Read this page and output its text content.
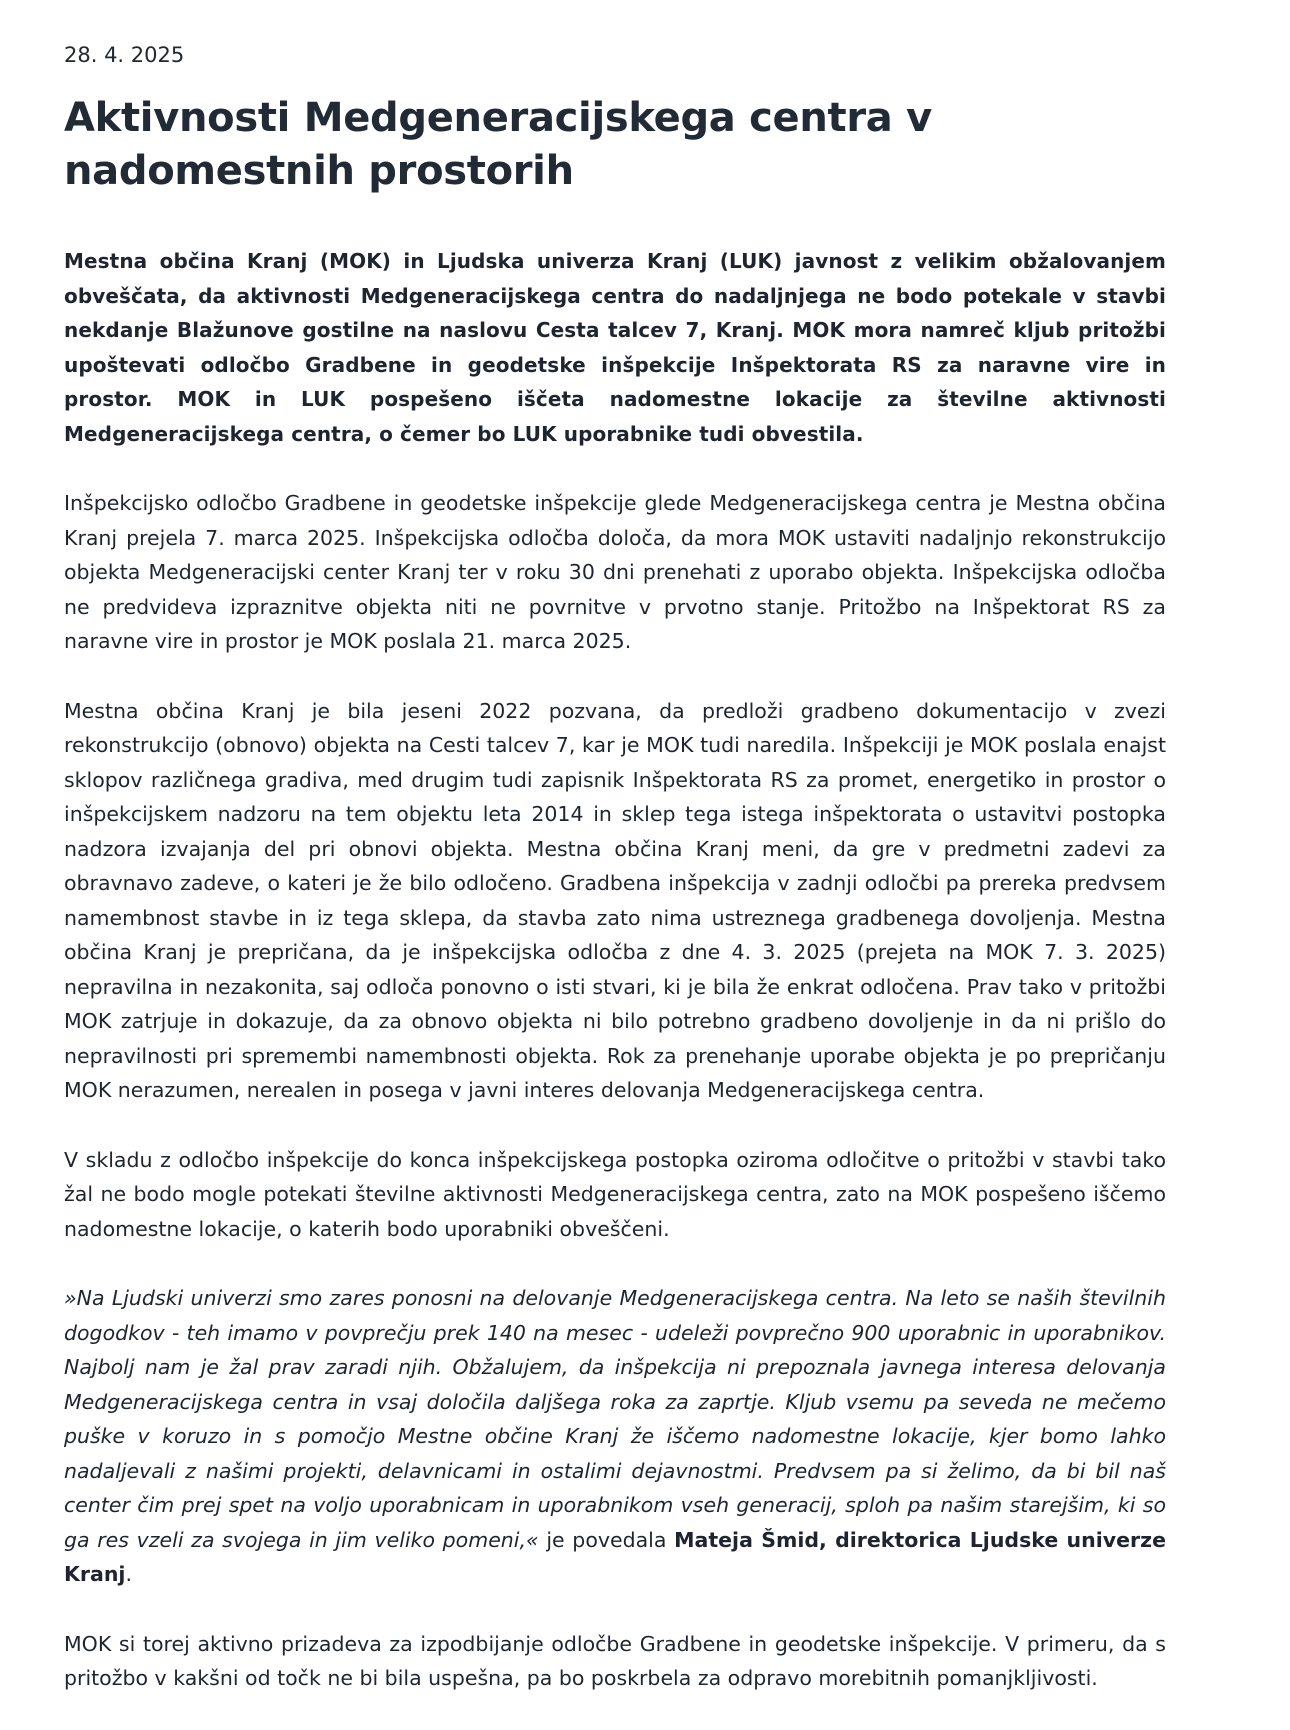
28. 4. 2025
Aktivnosti Medgeneracijskega centra v nadomestnih prostorih

Mestna občina Kranj (MOK) in Ljudska univerza Kranj (LUK) javnost z velikim obžalovanjem obveščata, da aktivnosti Medgeneracijskega centra do nadaljnjega ne bodo potekale v stavbi nekdanje Blažunove gostilne na naslovu Cesta talcev 7, Kranj. MOK mora namreč kljub pritožbi upoštevati odločbo Gradbene in geodetske inšpekcije Inšpektorata RS za naravne vire in prostor. MOK in LUK pospešeno iščeta nadomestne lokacije za številne aktivnosti Medgeneracijskega centra, o čemer bo LUK uporabnike tudi obvestila.

Inšpekcijsko odločbo Gradbene in geodetske inšpekcije glede Medgeneracijskega centra je Mestna občina Kranj prejela 7. marca 2025. Inšpekcijska odločba določa, da mora MOK ustaviti nadaljnjo rekonstrukcijo objekta Medgeneracijski center Kranj ter v roku 30 dni prenehati z uporabo objekta. Inšpekcijska odločba ne predvideva izpraznitve objekta niti ne povrnitve v prvotno stanje. Pritožbo na Inšpektorat RS za naravne vire in prostor je MOK poslala 21. marca 2025.

Mestna občina Kranj je bila jeseni 2022 pozvana, da predloži gradbeno dokumentacijo v zvezi rekonstrukcijo (obnovo) objekta na Cesti talcev 7, kar je MOK tudi naredila. Inšpekciji je MOK poslala enajst sklopov različnega gradiva, med drugim tudi zapisnik Inšpektorata RS za promet, energetiko in prostor o inšpekcijskem nadzoru na tem objektu leta 2014 in sklep tega istega inšpektorata o ustavitvi postopka nadzora izvajanja del pri obnovi objekta. Mestna občina Kranj meni, da gre v predmetni zadevi za obravnavo zadeve, o kateri je že bilo odločeno. Gradbena inšpekcija v zadnji odločbi pa prereka predvsem namembnost stavbe in iz tega sklepa, da stavba zato nima ustreznega gradbenega dovoljenja. Mestna občina Kranj je prepričana, da je inšpekcijska odločba z dne 4. 3. 2025 (prejeta na MOK 7. 3. 2025) nepravilna in nezakonita, saj odloča ponovno o isti stvari, ki je bila že enkrat odločena. Prav tako v pritožbi MOK zatrjuje in dokazuje, da za obnovo objekta ni bilo potrebno gradbeno dovoljenje in da ni prišlo do nepravilnosti pri spremembi namembnosti objekta. Rok za prenehanje uporabe objekta je po prepričanju MOK nerazumen, nerealen in posega v javni interes delovanja Medgeneracijskega centra.

V skladu z odločbo inšpekcije do konca inšpekcijskega postopka oziroma odločitve o pritožbi v stavbi tako žal ne bodo mogle potekati številne aktivnosti Medgeneracijskega centra, zato na MOK pospešeno iščemo nadomestne lokacije, o katerih bodo uporabniki obveščeni.

»Na Ljudski univerzi smo zares ponosni na delovanje Medgeneracijskega centra. Na leto se naših številnih dogodkov - teh imamo v povprečju prek 140 na mesec - udeleži povprečno 900 uporabnic in uporabnikov. Najbolj nam je žal prav zaradi njih. Obžalujem, da inšpekcija ni prepoznala javnega interesa delovanja Medgeneracijskega centra in vsaj določila daljšega roka za zaprtje. Kljub vsemu pa seveda ne mečemo puške v koruzo in s pomočjo Mestne občine Kranj že iščemo nadomestne lokacije, kjer bomo lahko nadaljevali z našimi projekti, delavnicami in ostalimi dejavnostmi. Predvsem pa si želimo, da bi bil naš center čim prej spet na voljo uporabnicam in uporabnikom vseh generacij, sploh pa našim starejšim, ki so ga res vzeli za svojega in jim veliko pomeni,« je povedala Mateja Šmid, direktorica Ljudske univerze Kranj.

MOK si torej aktivno prizadeva za izpodbijanje odločbe Gradbene in geodetske inšpekcije. V primeru, da s pritožbo v kakšni od točk ne bi bila uspešna, pa bo poskrbela za odpravo morebitnih pomanjkljivosti.
